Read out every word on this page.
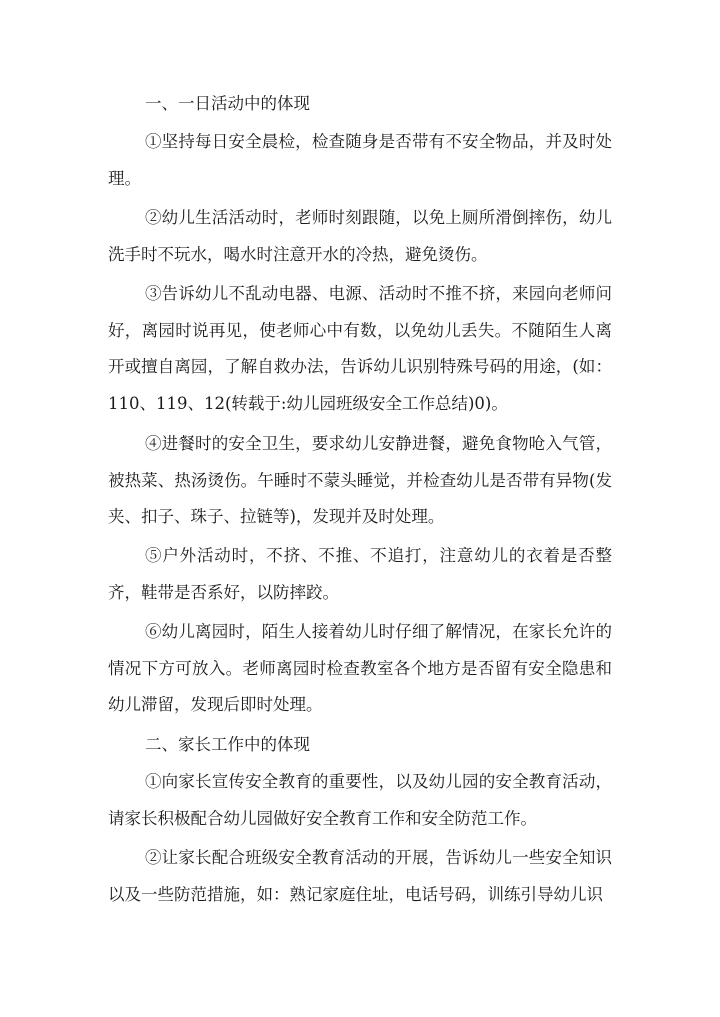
一、一日活动中的体现

①坚持每日安全晨检，检查随身是否带有不安全物品，并及时处理。

②幼儿生活活动时，老师时刻跟随，以免上厕所滑倒摔伤，幼儿洗手时不玩水，喝水时注意开水的冷热，避免烫伤。

③告诉幼儿不乱动电器、电源、活动时不推不挤，来园向老师问好，离园时说再见，使老师心中有数，以免幼儿丢失。不随陌生人离开或擅自离园，了解自救办法，告诉幼儿识别特殊号码的用途，(如：110、119、12(转载于:幼儿园班级安全工作总结)0)。

④进餐时的安全卫生，要求幼儿安静进餐，避免食物呛入气管，被热菜、热汤烫伤。午睡时不蒙头睡觉，并检查幼儿是否带有异物(发夹、扣子、珠子、拉链等)，发现并及时处理。

⑤户外活动时，不挤、不推、不追打，注意幼儿的衣着是否整齐，鞋带是否系好，以防摔跤。

⑥幼儿离园时，陌生人接着幼儿时仔细了解情况，在家长允许的情况下方可放入。老师离园时检查教室各个地方是否留有安全隐患和幼儿滞留，发现后即时处理。

二、家长工作中的体现

①向家长宣传安全教育的重要性，以及幼儿园的安全教育活动，请家长积极配合幼儿园做好安全教育工作和安全防范工作。

②让家长配合班级安全教育活动的开展，告诉幼儿一些安全知识以及一些防范措施，如：熟记家庭住址，电话号码，训练引导幼儿识
